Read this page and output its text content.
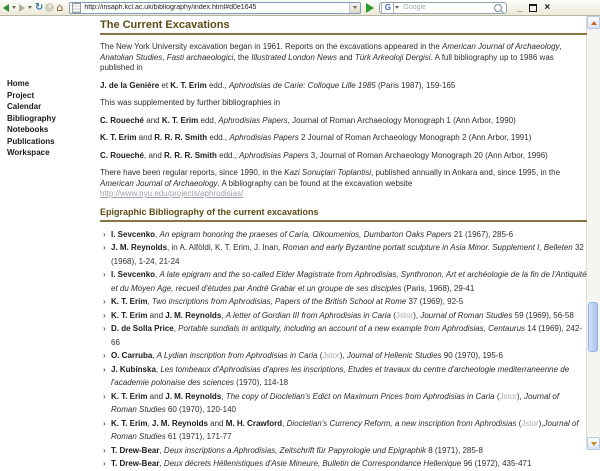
↻ × ⌂	http://insaph.kcl.ac.uk/bibliography/index.html#d0e1645	G	Google	_ ×
Home
Project
Calendar
Bibliography
Notebooks
Publications
Workspace
The Current Excavations

The New York University excavation began in 1961. Reports on the excavations appeared in the American Journal of Archaeology, Anatolian Studies, Fasti archaeologici, the Illustrated London News and Türk Arkeoloji Dergisi. A full bibliography up to 1986 was published in

J. de la Genière et K. T. Erim edd., Aphrodisias de Carie: Colloque Lille 1985 (Paris 1987), 159-165

This was supplemented by further bibliographies in

C. Roueché and K. T. Erim edd, Aphrodisias Papers, Journal of Roman Archaeology Monograph 1 (Ann Arbor, 1990)

K. T. Erim and R. R. R. Smith edd., Aphrodisias Papers 2 Journal of Roman Archaeology Monograph 2 (Ann Arbor, 1991)

C. Roueché, and R. R. R. Smith edd., Aphrodisias Papers 3, Journal of Roman Archaeology Monograph 20 (Ann Arbor, 1996)

There have been regular reports, since 1990, in the Kazi Sonuçlari Toplantisi, published annually in Ankara and, since 1995, in the American Journal of Archaeology. A bibliography can be found at the excavation website
http://www.nyu.edu/projects/aphrodisias/

Epigraphic Bibliography of the current excavations
› I. Sevcenko, An epigram honoring the praeses of Caria, Oikoumenios, Dumbarton Oaks Papers 21 (1967), 285-6
› J. M. Reynolds, in A. Alföldi, K. T. Erim, J. Inan, Roman and early Byzantine portait sculpture in Asia Minor. Supplement I, Belleten 32 (1968), 1-24, 21-24
› I. Sevcenko, A late epigram and the so-called Elder Magistrate from Aphrodisias, Synthronon, Art et archéologie de la fin de l'Antiquité et du Moyen Age, recueil d'études par André Grabar et un groupe de ses disciples (Paris, 1968), 29-41
› K. T. Erim, Two inscriptions from Aphrodisias, Papers of the British School at Rome 37 (1969), 92-5
› K. T. Erim and J. M. Reynolds, A letter of Gordian III from Aphrodisias in Caria (Jstor), Journal of Roman Studies 59 (1969), 56-58
› D. de Solla Price, Portable sundials in antiquity, including an account of a new example from Aphrodisias, Centaurus 14 (1969), 242-66
› O. Carruba, A Lydian inscription from Aphrodisias in Caria (Jstor), Journal of Hellenic Studies 90 (1970), 195-6
› J. Kubinska, Les tombeaux d'Aphrodisias d'apres les inscriptions, Etudes et travaux du centre d'archeologie mediterraneenne de l'academie polonaise des sciences (1970), 114-18
› K. T. Erim and J. M. Reynolds, The copy of Diocletian's Edict on Maximum Prices from Aphrodisias in Caria (Jstor), Journal of Roman Studies 60 (1970), 120-140
› K. T. Erim, J. M. Reynolds and M. H. Crawford, Diocletian's Currency Reform, a new inscription from Aphrodisias (Jstor),Journal of Roman Studies 61 (1971), 171-77
› T. Drew-Bear, Deux inscriptions a Aphrodisias, Zeitschrift für Papyrologie und Epigraphik 8 (1971), 285-8
› T. Drew-Bear, Deux décrets Héllenistiques d'Asie Mineure, Bulletin de Correspondance Hellenique 96 (1972), 435-471
